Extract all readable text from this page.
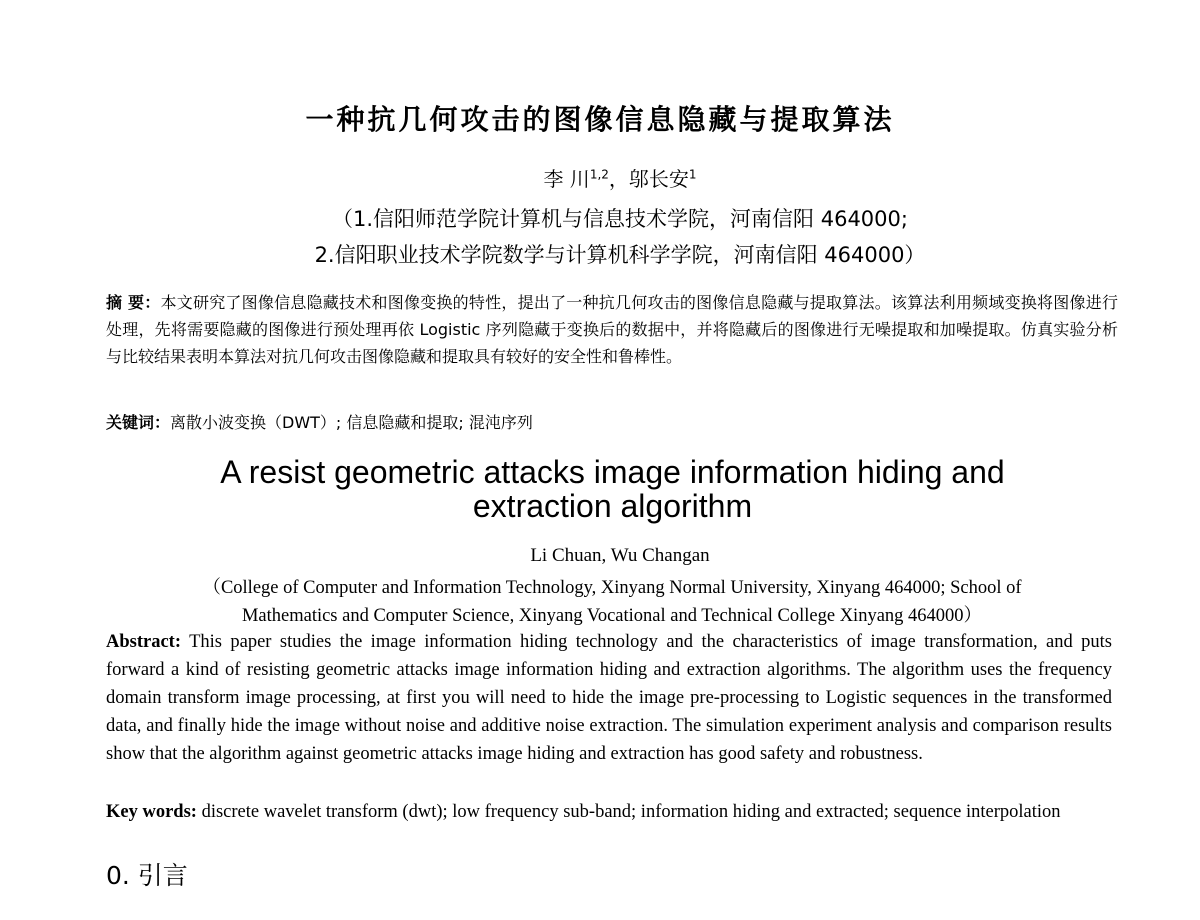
一种抗几何攻击的图像信息隐藏与提取算法
李 川$^{1,2}$，邬长安$^1$
（1.信阳师范学院计算机与信息技术学院，河南信阳 464000;
2.信阳职业技术学院数学与计算机科学学院，河南信阳 464000）
摘 要：本文研究了图像信息隐藏技术和图像变换的特性，提出了一种抗几何攻击的图像信息隐藏与提取算法。该算法利用频域变换将图像进行处理，先将需要隐藏的图像进行预处理再依 Logistic 序列隐藏于变换后的数据中，并将隐藏后的图像进行无噪提取和加噪提取。仿真实验分析与比较结果表明本算法对抗几何攻击图像隐藏和提取具有较好的安全性和鲁棒性。
关键词：离散小波变换（DWT）; 信息隐藏和提取; 混沌序列
A resist geometric attacks image information hiding and extraction algorithm
Li Chuan, Wu Changan
（College of Computer and Information Technology, Xinyang Normal University, Xinyang 464000; School of
Mathematics and Computer Science, Xinyang Vocational and Technical College Xinyang 464000）
Abstract: This paper studies the image information hiding technology and the characteristics of image transformation, and puts forward a kind of resisting geometric attacks image information hiding and extraction algorithms. The algorithm uses the frequency domain transform image processing, at first you will need to hide the image pre-processing to Logistic sequences in the transformed data, and finally hide the image without noise and additive noise extraction. The simulation experiment analysis and comparison results show that the algorithm against geometric attacks image hiding and extraction has good safety and robustness.
Key words: discrete wavelet transform (dwt); low frequency sub-band; information hiding and extracted; sequence interpolation
0. 引言
